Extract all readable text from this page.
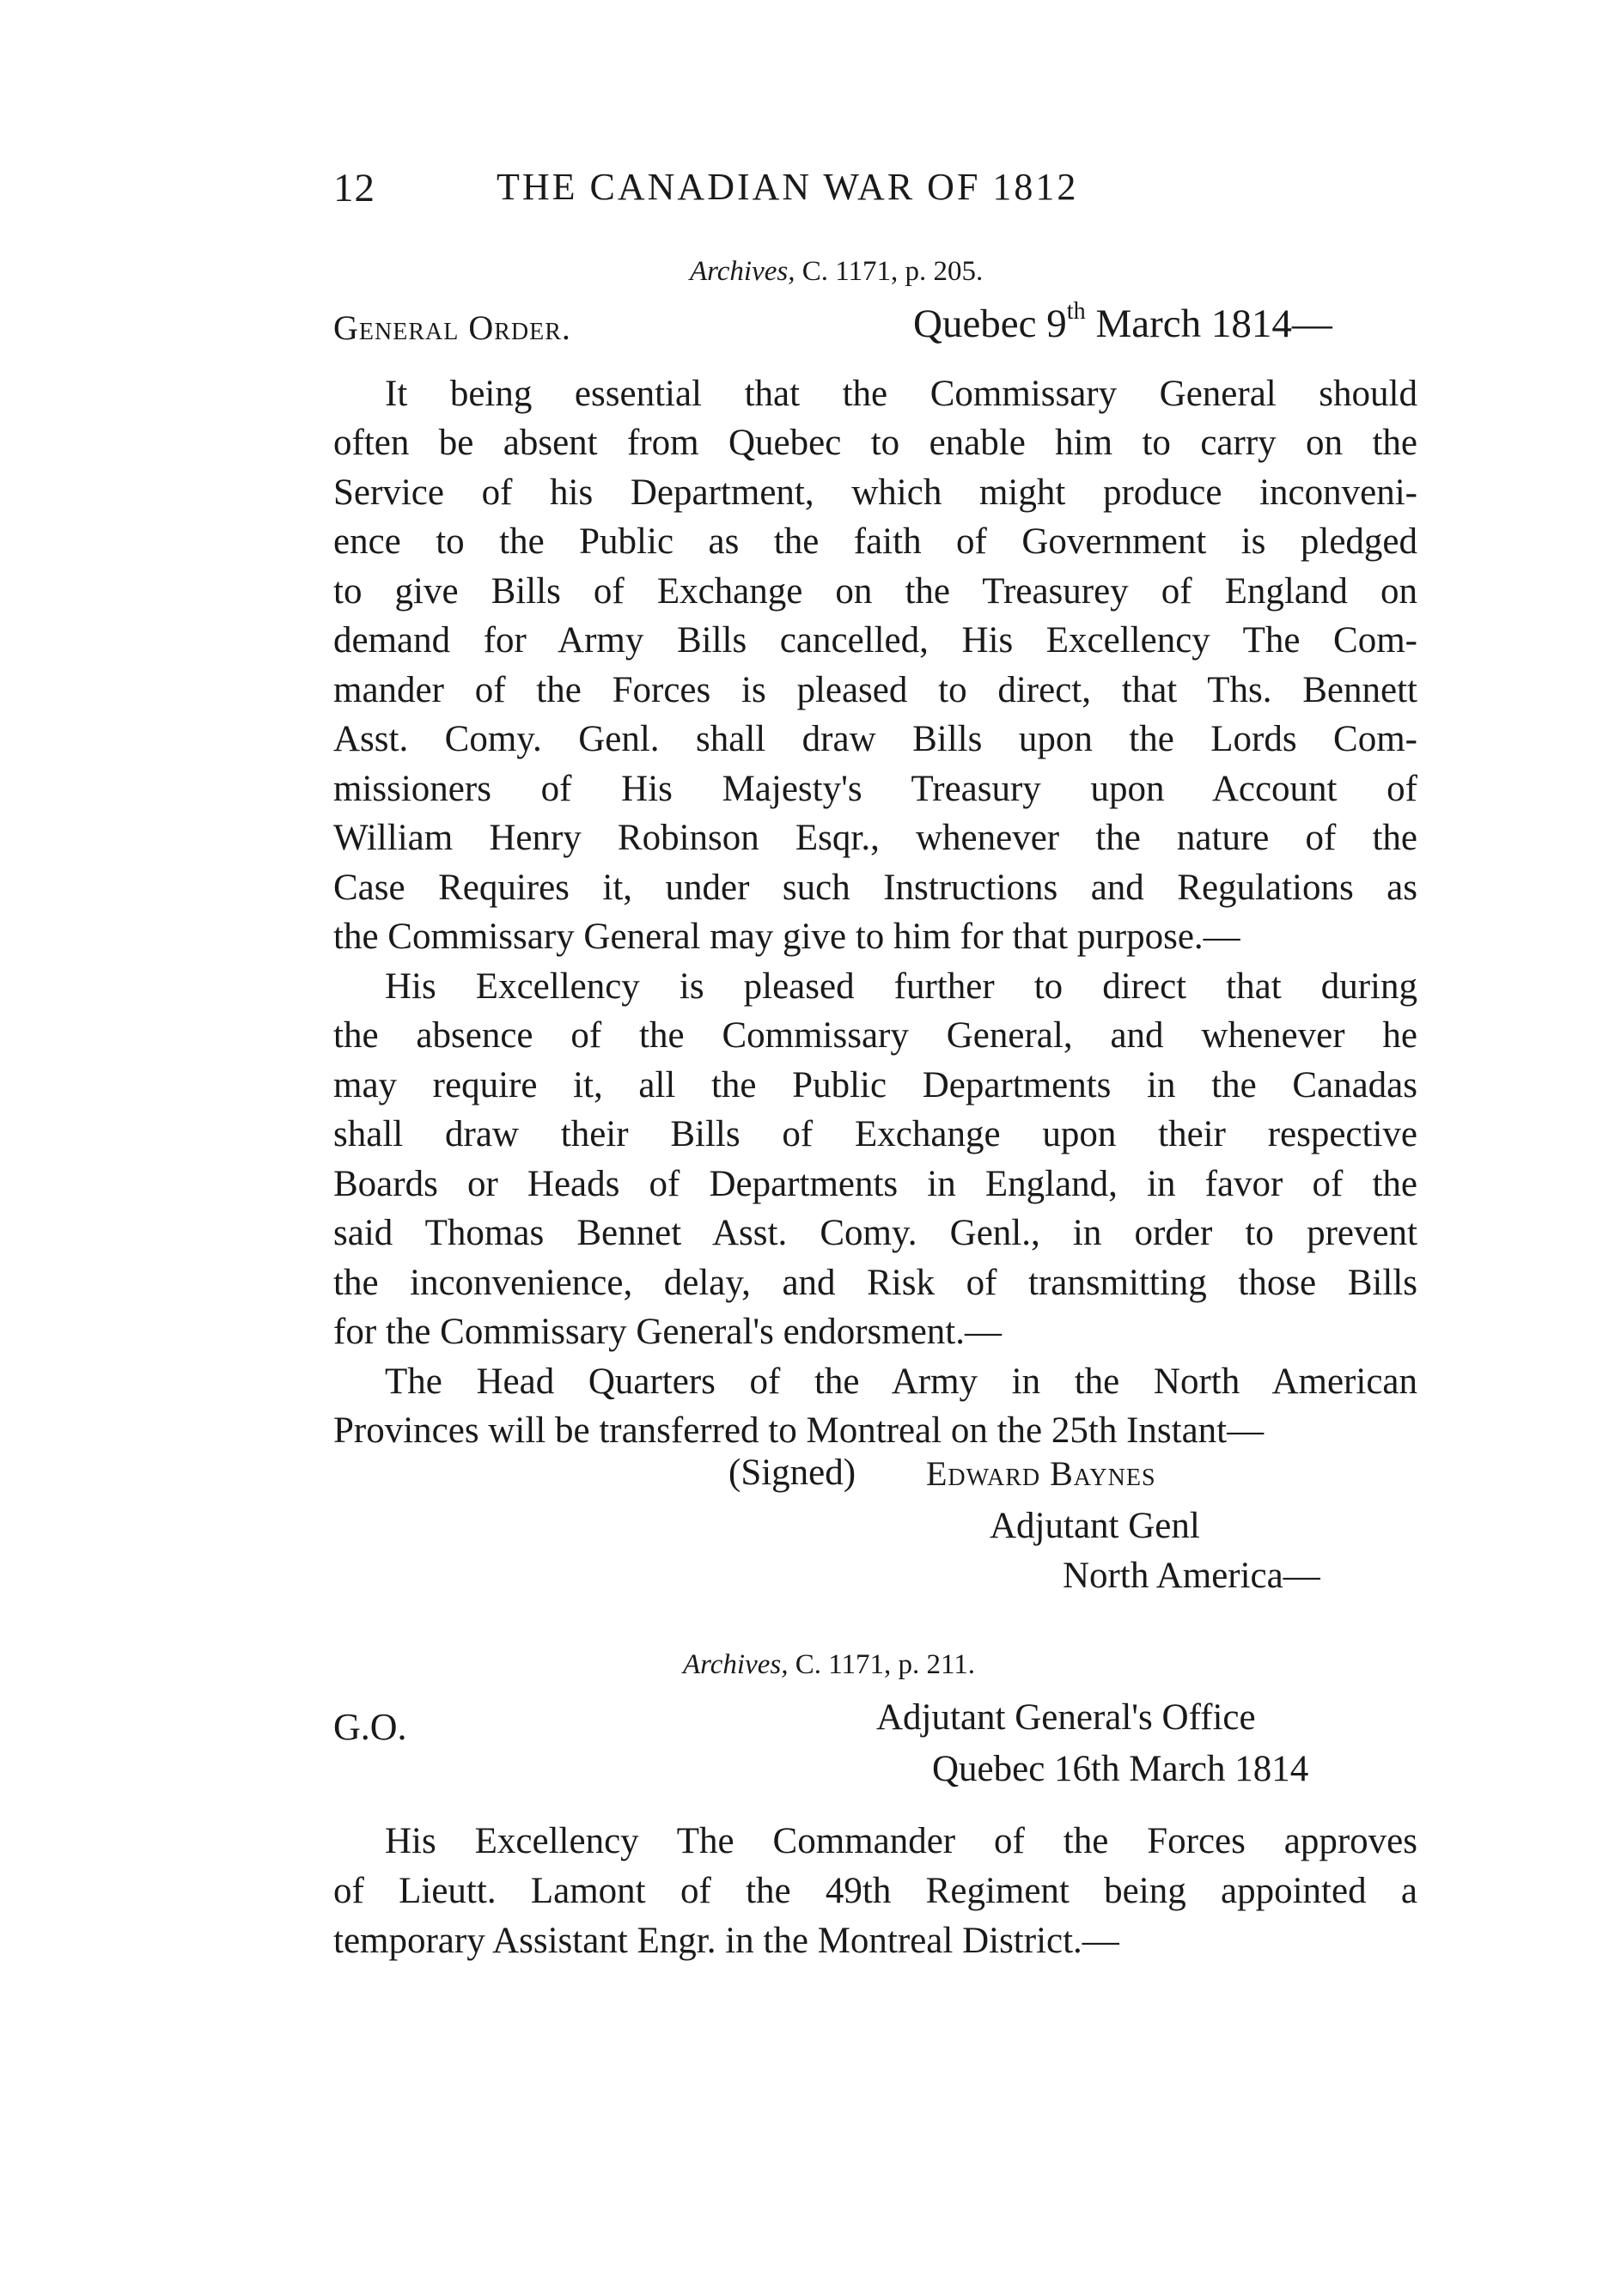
12	THE CANADIAN WAR OF 1812
Archives, C. 1171, p. 205.
General Order.	Quebec 9th March 1814—
It being essential that the Commissary General should
often be absent from Quebec to enable him to carry on the
Service of his Department, which might produce inconveni-
ence to the Public as the faith of Government is pledged
to give Bills of Exchange on the Treasurey of England on
demand for Army Bills cancelled, His Excellency The Com-
mander of the Forces is pleased to direct, that Ths. Bennett
Asst. Comy. Genl. shall draw Bills upon the Lords Com-
missioners of His Majesty's Treasury upon Account of
William Henry Robinson Esqr., whenever the nature of the
Case Requires it, under such Instructions and Regulations as
the Commissary General may give to him for that purpose.—
His Excellency is pleased further to direct that during
the absence of the Commissary General, and whenever he
may require it, all the Public Departments in the Canadas
shall draw their Bills of Exchange upon their respective
Boards or Heads of Departments in England, in favor of the
said Thomas Bennet Asst. Comy. Genl., in order to prevent
the inconvenience, delay, and Risk of transmitting those Bills
for the Commissary General's endorsment.—
The Head Quarters of the Army in the North American
Provinces will be transferred to Montreal on the 25th Instant—
(Signed) Edward Baynes
Adjutant Genl
North America—
Archives, C. 1171, p. 211.
G.O.	Adjutant General's Office
Quebec 16th March 1814
His Excellency The Commander of the Forces approves
of Lieutt. Lamont of the 49th Regiment being appointed a
temporary Assistant Engr. in the Montreal District.—
